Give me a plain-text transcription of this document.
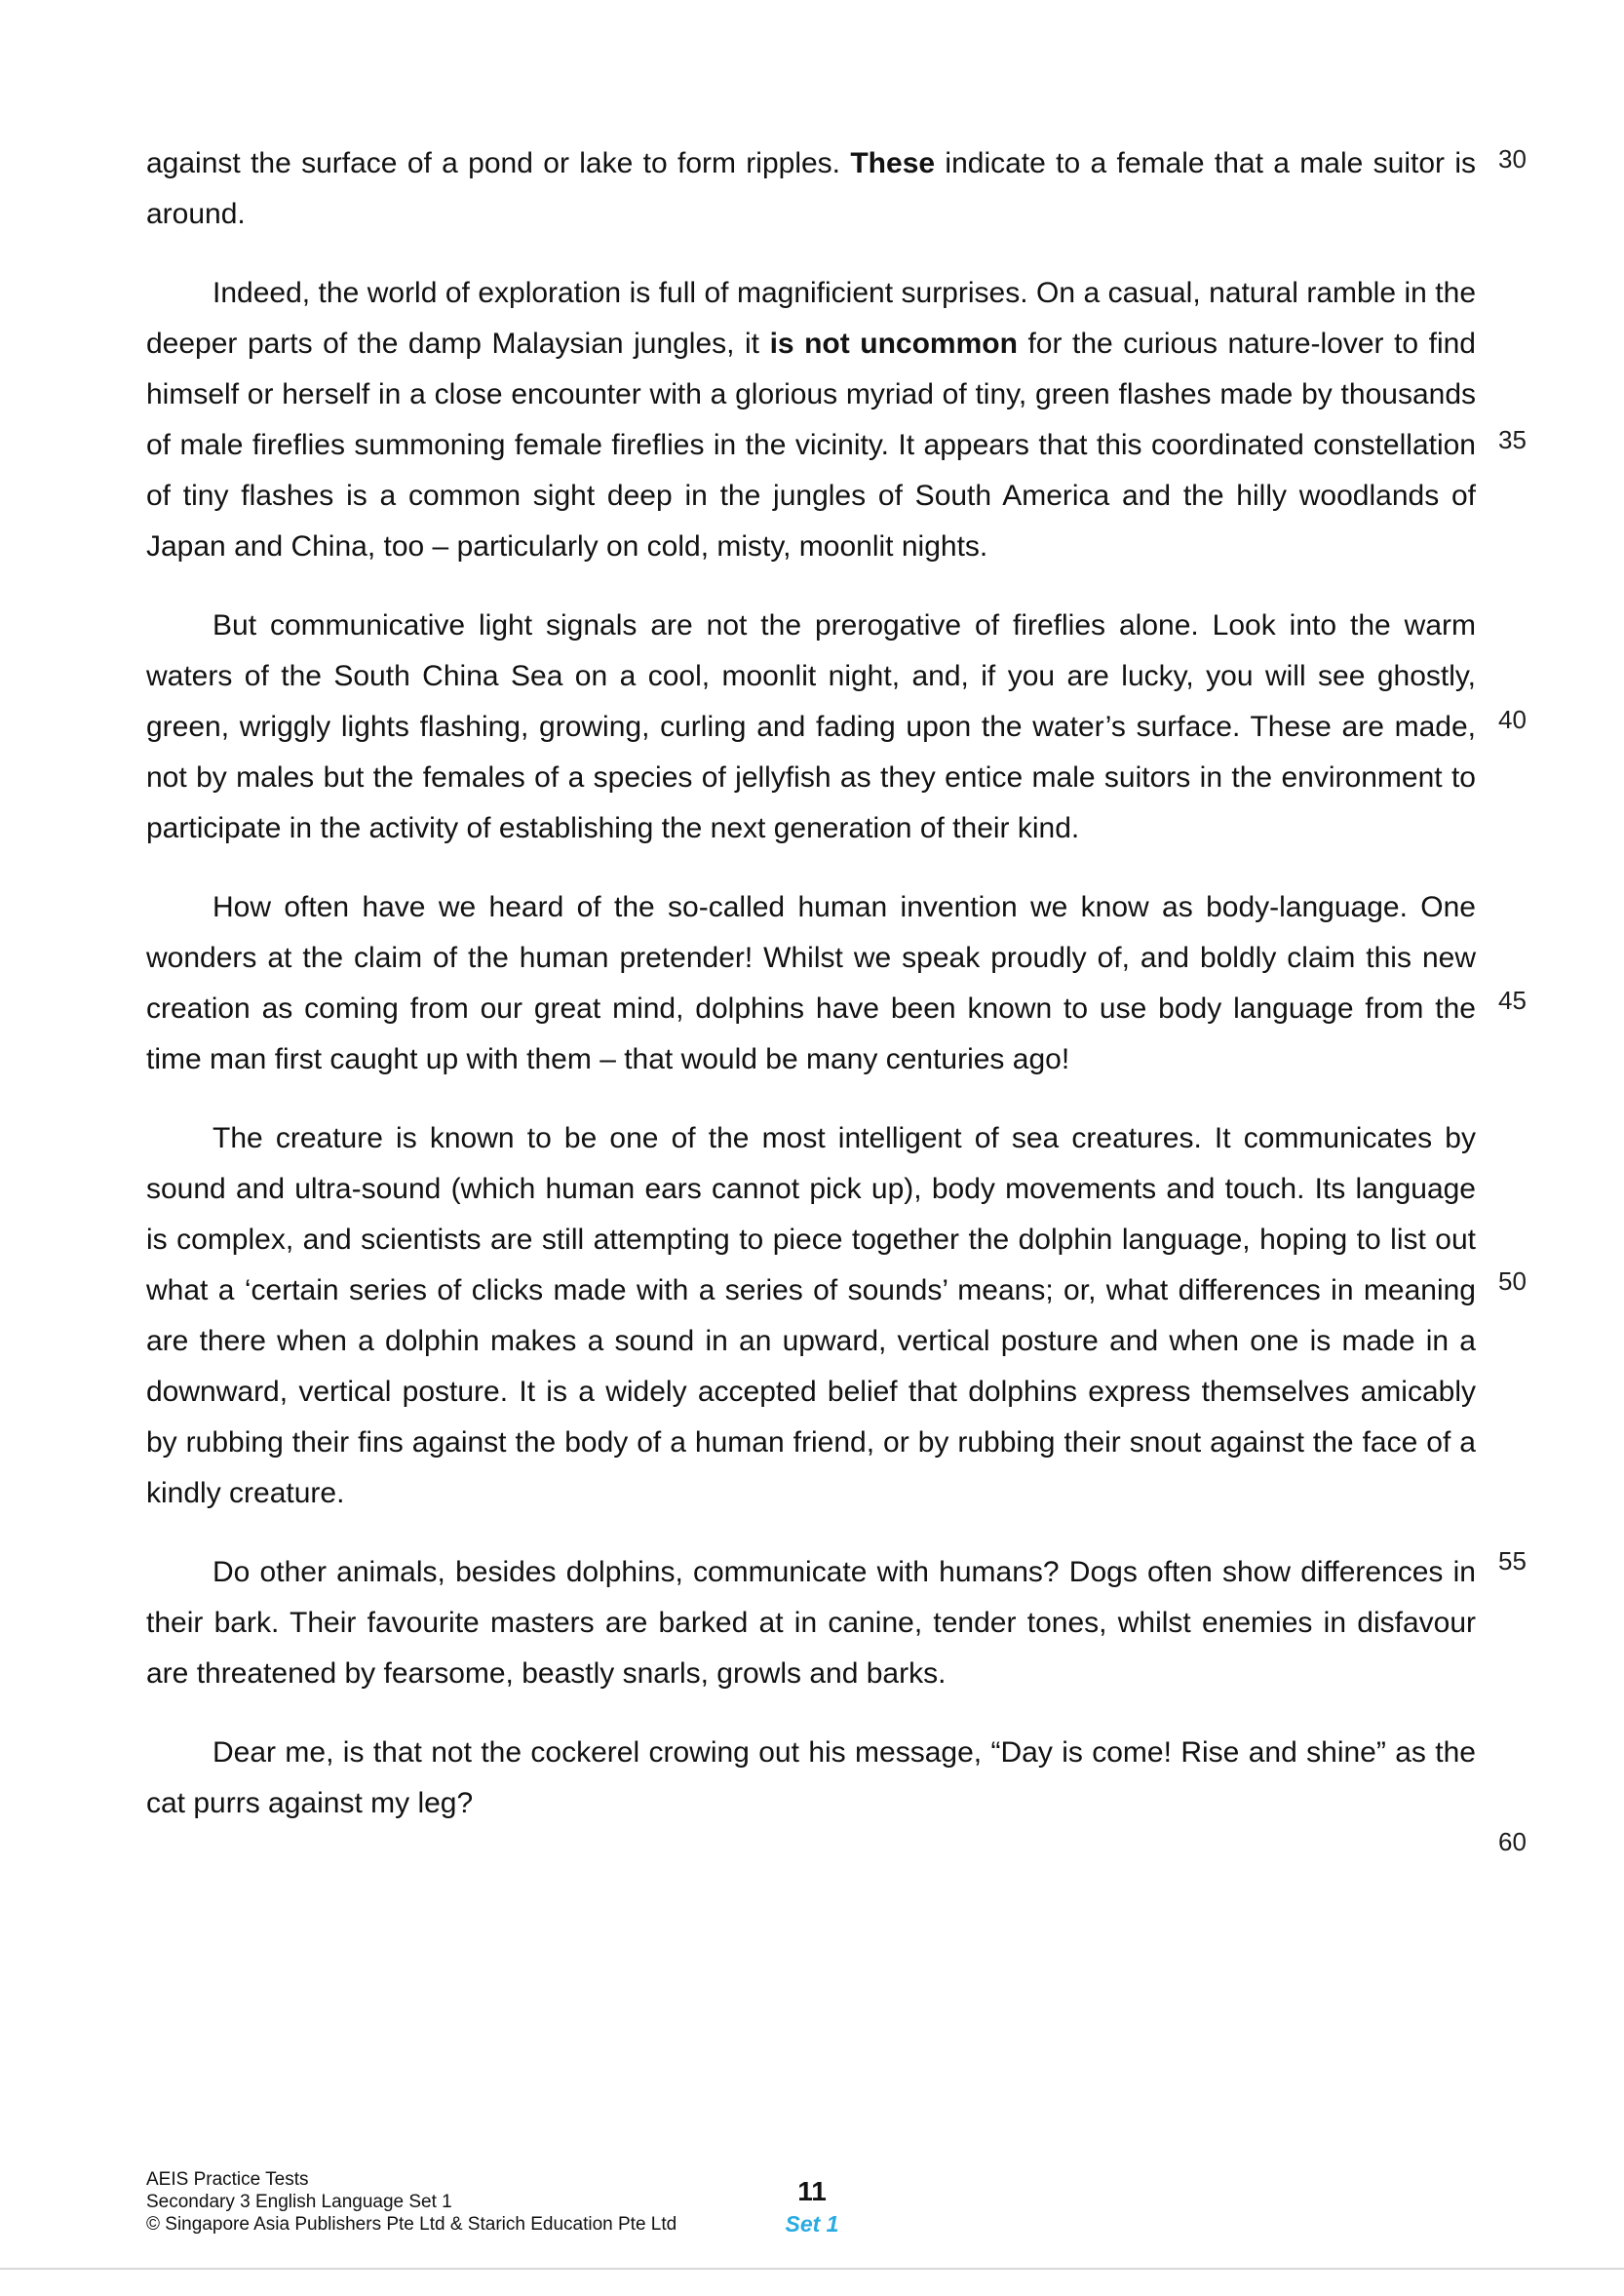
against the surface of a pond or lake to form ripples. These indicate to a female that a male suitor is around.

Indeed, the world of exploration is full of magnificient surprises. On a casual, natural ramble in the deeper parts of the damp Malaysian jungles, it is not uncommon for the curious nature-lover to find himself or herself in a close encounter with a glorious myriad of tiny, green flashes made by thousands of male fireflies summoning female fireflies in the vicinity. It appears that this coordinated constellation of tiny flashes is a common sight deep in the jungles of South America and the hilly woodlands of Japan and China, too – particularly on cold, misty, moonlit nights.

But communicative light signals are not the prerogative of fireflies alone. Look into the warm waters of the South China Sea on a cool, moonlit night, and, if you are lucky, you will see ghostly, green, wriggly lights flashing, growing, curling and fading upon the water’s surface. These are made, not by males but the females of a species of jellyfish as they entice male suitors in the environment to participate in the activity of establishing the next generation of their kind.

How often have we heard of the so-called human invention we know as body-language. One wonders at the claim of the human pretender! Whilst we speak proudly of, and boldly claim this new creation as coming from our great mind, dolphins have been known to use body language from the time man first caught up with them – that would be many centuries ago!

The creature is known to be one of the most intelligent of sea creatures. It communicates by sound and ultra-sound (which human ears cannot pick up), body movements and touch. Its language is complex, and scientists are still attempting to piece together the dolphin language, hoping to list out what a ‘certain series of clicks made with a series of sounds’ means; or, what differences in meaning are there when a dolphin makes a sound in an upward, vertical posture and when one is made in a downward, vertical posture. It is a widely accepted belief that dolphins express themselves amicably by rubbing their fins against the body of a human friend, or by rubbing their snout against the face of a kindly creature.

Do other animals, besides dolphins, communicate with humans? Dogs often show differences in their bark. Their favourite masters are barked at in canine, tender tones, whilst enemies in disfavour are threatened by fearsome, beastly snarls, growls and barks.

Dear me, is that not the cockerel crowing out his message, “Day is come! Rise and shine” as the cat purrs against my leg?

30
35
40
45
50
55
60
AEIS Practice Tests
Secondary 3 English Language Set 1
© Singapore Asia Publishers Pte Ltd & Starich Education Pte Ltd
11
Set 1
